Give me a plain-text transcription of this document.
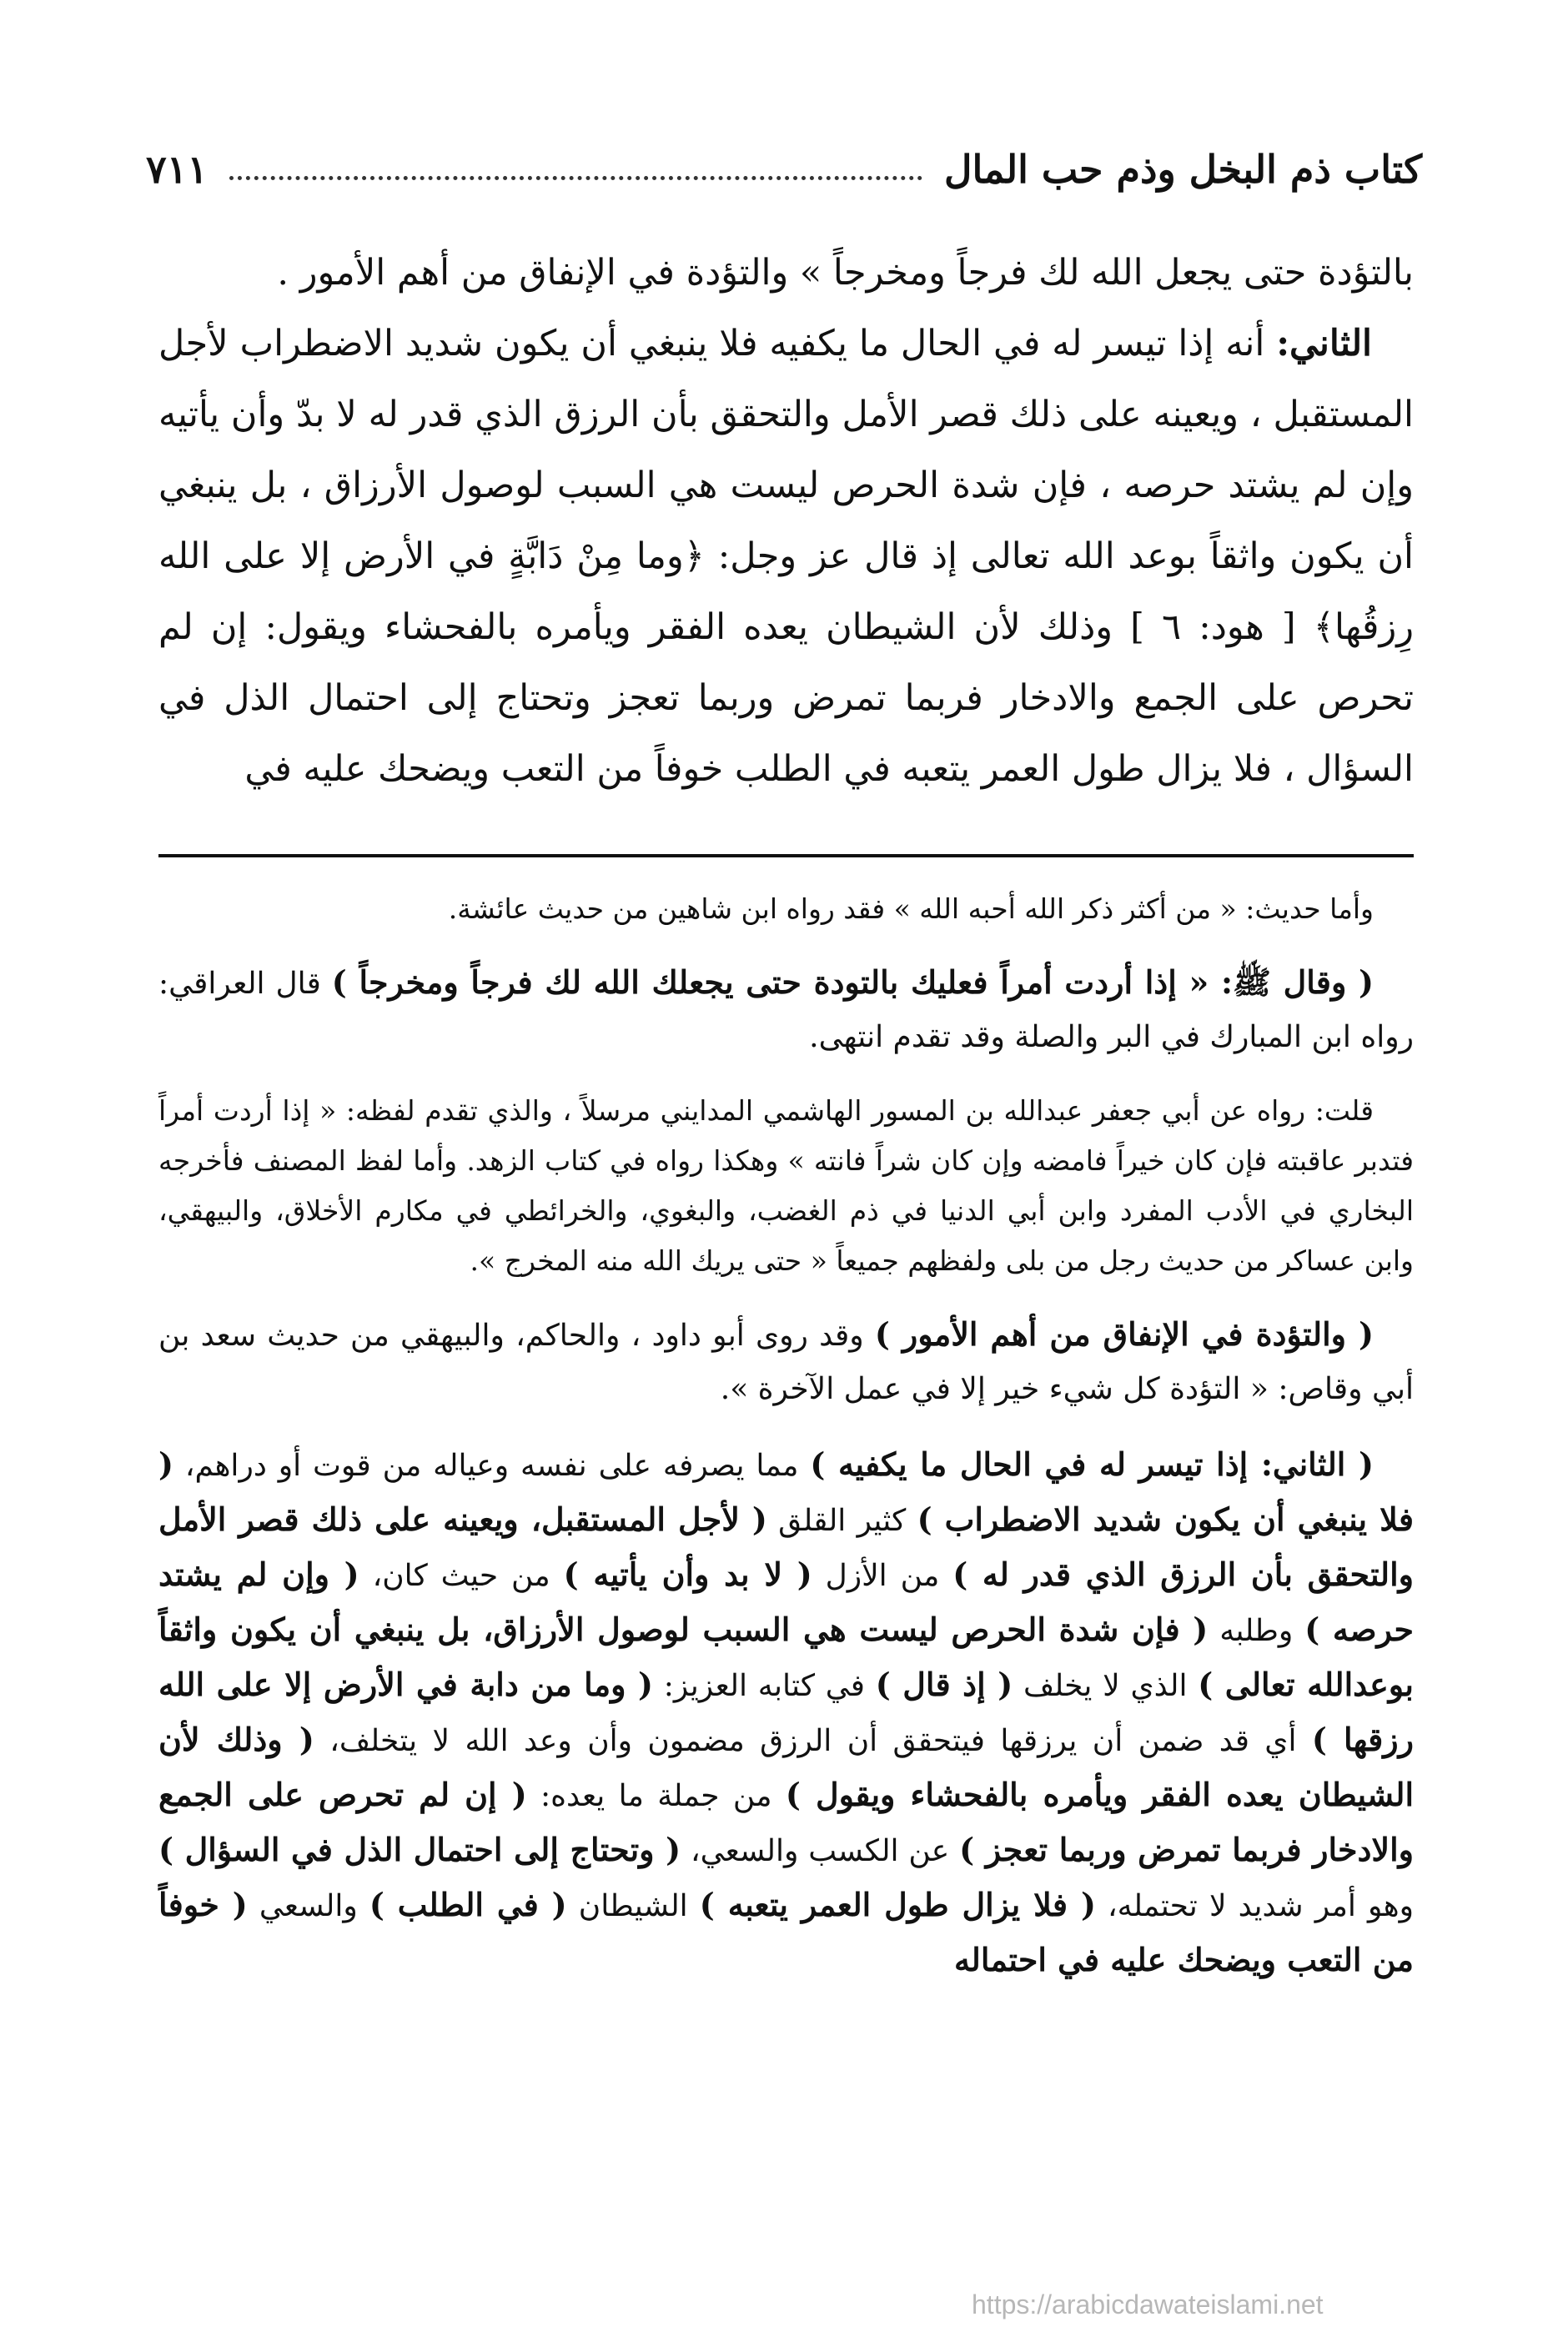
كتاب ذم البخل وذم حب المال
٧١١

بالتؤدة حتى يجعل الله لك فرجاً ومخرجاً » والتؤدة في الإنفاق من أهم الأمور .

الثاني: أنه إذا تيسر له في الحال ما يكفيه فلا ينبغي أن يكون شديد الاضطراب لأجل المستقبل ، ويعينه على ذلك قصر الأمل والتحقق بأن الرزق الذي قدر له لا بدّ وأن يأتيه وإن لم يشتد حرصه ، فإن شدة الحرص ليست هي السبب لوصول الأرزاق ، بل ينبغي أن يكون واثقاً بوعد الله تعالى إذ قال عز وجل: ﴿وما مِنْ دَابَّةٍ في الأرض إلا على الله رِزقُها﴾ [ هود: ٦ ] وذلك لأن الشيطان يعده الفقر ويأمره بالفحشاء ويقول: إن لم تحرص على الجمع والادخار فربما تمرض وربما تعجز وتحتاج إلى احتمال الذل في السؤال ، فلا يزال طول العمر يتعبه في الطلب خوفاً من التعب ويضحك عليه في

وأما حديث: « من أكثر ذكر الله أحبه الله » فقد رواه ابن شاهين من حديث عائشة.

( وقال ﷺ: « إذا أردت أمراً فعليك بالتودة حتى يجعلك الله لك فرجاً ومخرجاً ) قال العراقي: رواه ابن المبارك في البر والصلة وقد تقدم انتهى.

قلت: رواه عن أبي جعفر عبدالله بن المسور الهاشمي المدايني مرسلاً ، والذي تقدم لفظه: « إذا أردت أمراً فتدبر عاقبته فإن كان خيراً فامضه وإن كان شراً فانته » وهكذا رواه في كتاب الزهد. وأما لفظ المصنف فأخرجه البخاري في الأدب المفرد وابن أبي الدنيا في ذم الغضب، والبغوي، والخرائطي في مكارم الأخلاق، والبيهقي، وابن عساكر من حديث رجل من بلى ولفظهم جميعاً « حتى يريك الله منه المخرج ».

( والتؤدة في الإنفاق من أهم الأمور ) وقد روى أبو داود ، والحاكم، والبيهقي من حديث سعد بن أبي وقاص: « التؤدة كل شيء خير إلا في عمل الآخرة ».

( الثاني: إذا تيسر له في الحال ما يكفيه ) مما يصرفه على نفسه وعياله من قوت أو دراهم، ( فلا ينبغي أن يكون شديد الاضطراب ) كثير القلق ( لأجل المستقبل، ويعينه على ذلك قصر الأمل والتحقق بأن الرزق الذي قدر له ) من الأزل ( لا بد وأن يأتيه ) من حيث كان، ( وإن لم يشتد حرصه ) وطلبه ( فإن شدة الحرص ليست هي السبب لوصول الأرزاق، بل ينبغي أن يكون واثقاً بوعدالله تعالى ) الذي لا يخلف ( إذ قال ) في كتابه العزيز: ( وما من دابة في الأرض إلا على الله رزقها ) أي قد ضمن أن يرزقها فيتحقق أن الرزق مضمون وأن وعد الله لا يتخلف، ( وذلك لأن الشيطان يعده الفقر ويأمره بالفحشاء ويقول ) من جملة ما يعده: ( إن لم تحرص على الجمع والادخار فربما تمرض وربما تعجز ) عن الكسب والسعي، ( وتحتاج إلى احتمال الذل في السؤال ) وهو أمر شديد لا تحتمله، ( فلا يزال طول العمر يتعبه ) الشيطان ( في الطلب ) والسعي ( خوفاً من التعب ويضحك عليه في احتماله

https://arabicdawateislami.net
